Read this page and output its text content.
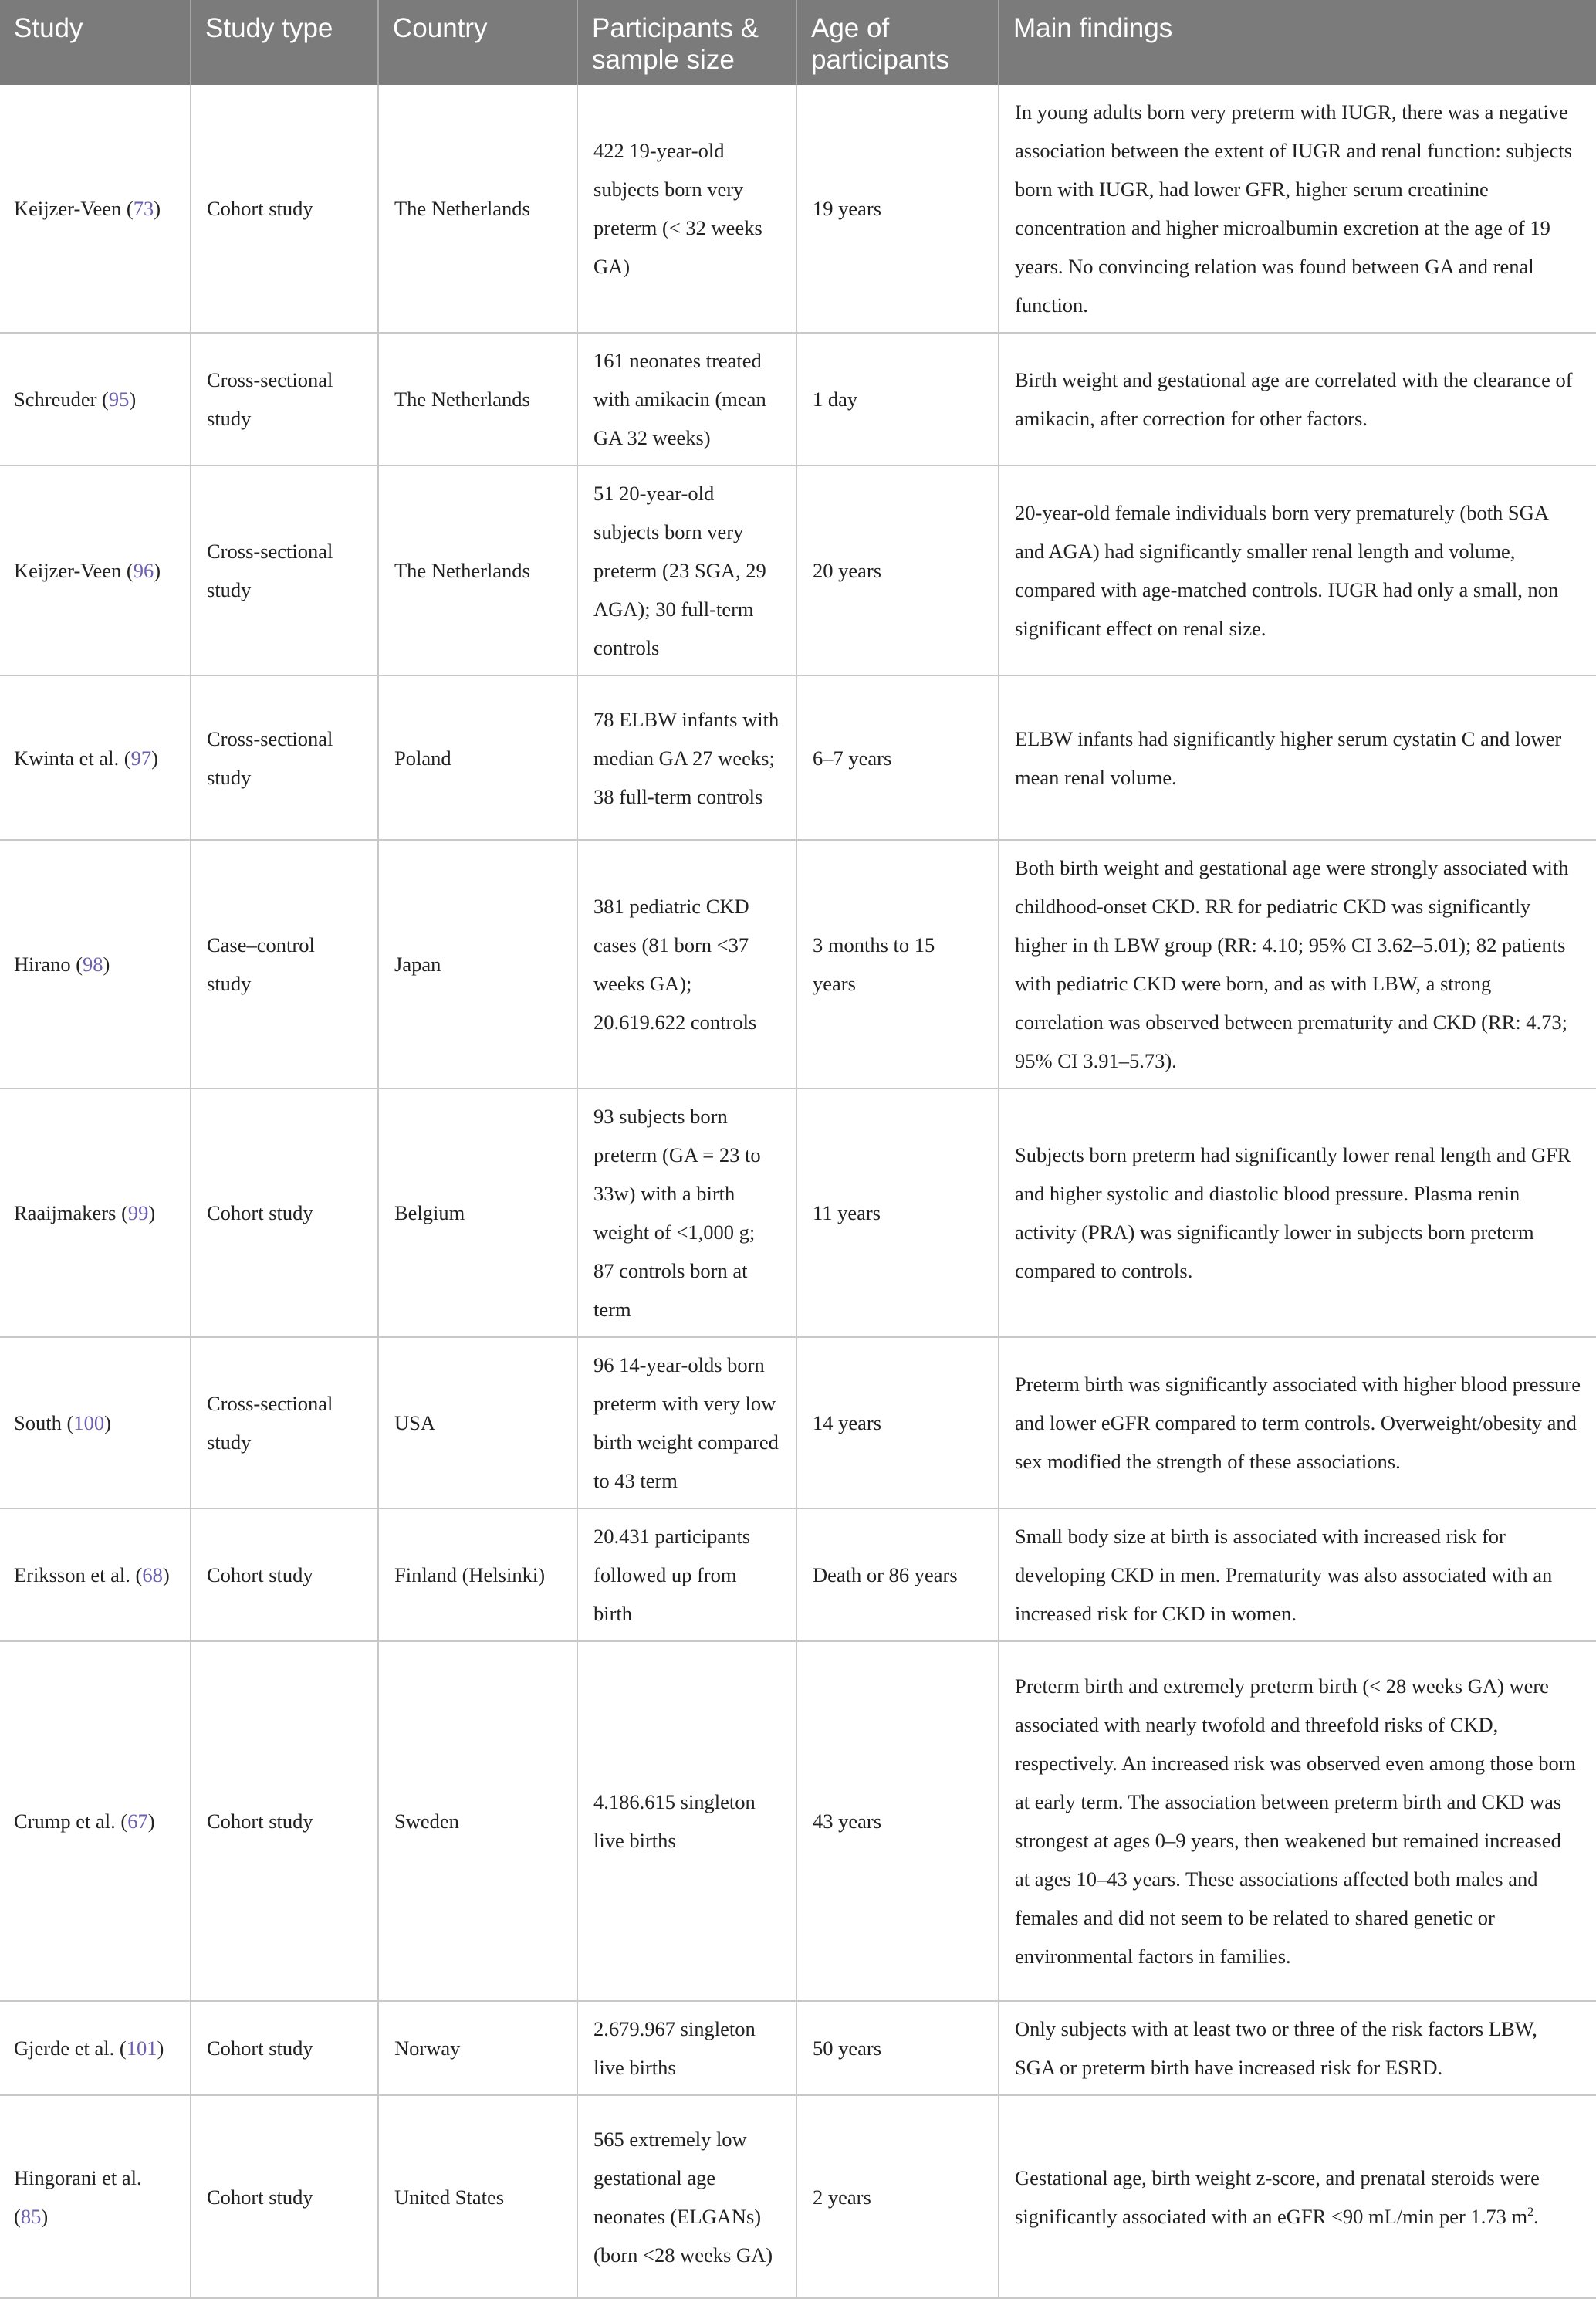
Study	Study type	Country	Participants & sample size	Age of participants	Main findings
Keijzer-Veen (73)	Cohort study	The Netherlands	422 19-year-old subjects born very preterm (< 32 weeks GA)	19 years	In young adults born very preterm with IUGR, there was a negative association between the extent of IUGR and renal function: subjects born with IUGR, had lower GFR, higher serum creatinine concentration and higher microalbumin excretion at the age of 19 years. No convincing relation was found between GA and renal function.
Schreuder (95)	Cross-sectional study	The Netherlands	161 neonates treated with amikacin (mean GA 32 weeks)	1 day	Birth weight and gestational age are correlated with the clearance of amikacin, after correction for other factors.
Keijzer-Veen (96)	Cross-sectional study	The Netherlands	51 20-year-old subjects born very preterm (23 SGA, 29 AGA); 30 full-term controls	20 years	20-year-old female individuals born very prematurely (both SGA and AGA) had significantly smaller renal length and volume, compared with age-matched controls. IUGR had only a small, non significant effect on renal size.
Kwinta et al. (97)	Cross-sectional study	Poland	78 ELBW infants with median GA 27 weeks; 38 full-term controls	6–7 years	ELBW infants had significantly higher serum cystatin C and lower mean renal volume.
Hirano (98)	Case–control study	Japan	381 pediatric CKD cases (81 born <37 weeks GA); 20.619.622 controls	3 months to 15 years	Both birth weight and gestational age were strongly associated with childhood-onset CKD. RR for pediatric CKD was significantly higher in th LBW group (RR: 4.10; 95% CI 3.62–5.01); 82 patients with pediatric CKD were born, and as with LBW, a strong correlation was observed between prematurity and CKD (RR: 4.73; 95% CI 3.91–5.73).
Raaijmakers (99)	Cohort study	Belgium	93 subjects born preterm (GA = 23 to 33w) with a birth weight of <1,000 g; 87 controls born at term	11 years	Subjects born preterm had significantly lower renal length and GFR and higher systolic and diastolic blood pressure. Plasma renin activity (PRA) was significantly lower in subjects born preterm compared to controls.
South (100)	Cross-sectional study	USA	96 14-year-olds born preterm with very low birth weight compared to 43 term	14 years	Preterm birth was significantly associated with higher blood pressure and lower eGFR compared to term controls. Overweight/obesity and sex modified the strength of these associations.
Eriksson et al. (68)	Cohort study	Finland (Helsinki)	20.431 participants followed up from birth	Death or 86 years	Small body size at birth is associated with increased risk for developing CKD in men. Prematurity was also associated with an increased risk for CKD in women.
Crump et al. (67)	Cohort study	Sweden	4.186.615 singleton live births	43 years	Preterm birth and extremely preterm birth (< 28 weeks GA) were associated with nearly twofold and threefold risks of CKD, respectively. An increased risk was observed even among those born at early term. The association between preterm birth and CKD was strongest at ages 0–9 years, then weakened but remained increased at ages 10–43 years. These associations affected both males and females and did not seem to be related to shared genetic or environmental factors in families.
Gjerde et al. (101)	Cohort study	Norway	2.679.967 singleton live births	50 years	Only subjects with at least two or three of the risk factors LBW, SGA or preterm birth have increased risk for ESRD.
Hingorani et al. (85)	Cohort study	United States	565 extremely low gestational age neonates (ELGANs) (born <28 weeks GA)	2 years	Gestational age, birth weight z-score, and prenatal steroids were significantly associated with an eGFR <90 mL/min per 1.73 $m^2$.
